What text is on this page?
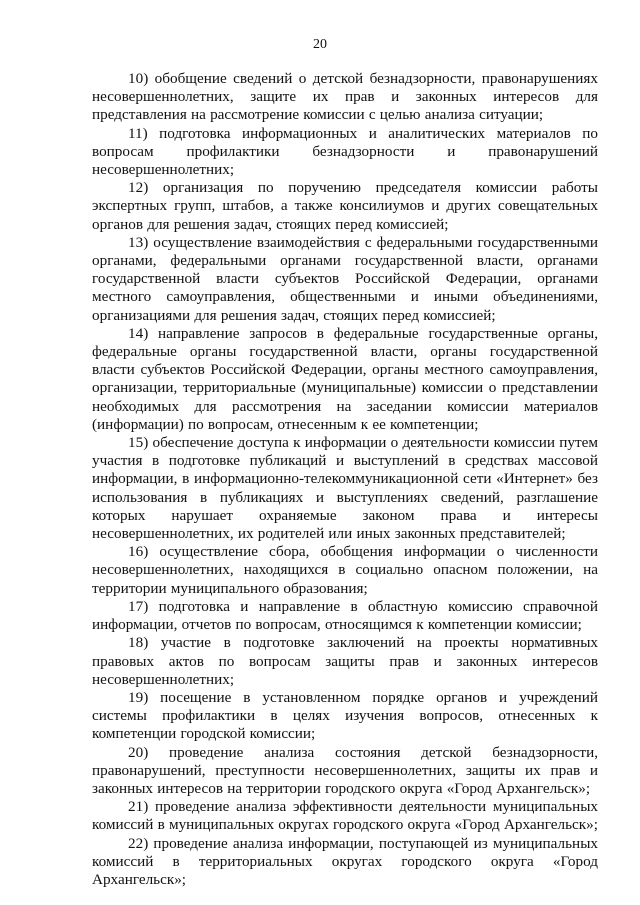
20

10) обобщение сведений о детской безнадзорности, правонарушениях несовершеннолетних, защите их прав и законных интересов для представления на рассмотрение комиссии с целью анализа ситуации;

11) подготовка информационных и аналитических материалов по вопросам профилактики безнадзорности и правонарушений несовершеннолетних;

12) организация по поручению председателя комиссии работы экспертных групп, штабов, а также консилиумов и других совещательных органов для решения задач, стоящих перед комиссией;

13) осуществление взаимодействия с федеральными государственными органами, федеральными органами государственной власти, органами государственной власти субъектов Российской Федерации, органами местного самоуправления, общественными и иными объединениями, организациями для решения задач, стоящих перед комиссией;

14) направление запросов в федеральные государственные органы, федеральные органы государственной власти, органы государственной власти субъектов Российской Федерации, органы местного самоуправления, организации, территориальные (муниципальные) комиссии о представлении необходимых для рассмотрения на заседании комиссии материалов (информации) по вопросам, отнесенным к ее компетенции;

15) обеспечение доступа к информации о деятельности комиссии путем участия в подготовке публикаций и выступлений в средствах массовой информации, в информационно-телекоммуникационной сети «Интернет» без использования в публикациях и выступлениях сведений, разглашение которых нарушает охраняемые законом права и интересы несовершеннолетних, их родителей или иных законных представителей;

16) осуществление сбора, обобщения информации о численности несовершеннолетних, находящихся в социально опасном положении, на территории муниципального образования;

17) подготовка и направление в областную комиссию справочной информации, отчетов по вопросам, относящимся к компетенции комиссии;

18) участие в подготовке заключений на проекты нормативных правовых актов по вопросам защиты прав и законных интересов несовершеннолетних;

19) посещение в установленном порядке органов и учреждений системы профилактики в целях изучения вопросов, отнесенных к компетенции городской комиссии;

20) проведение анализа состояния детской безнадзорности, правонарушений, преступности несовершеннолетних, защиты их прав и законных интересов на территории городского округа «Город Архангельск»;

21) проведение анализа эффективности деятельности муниципальных комиссий в муниципальных округах городского округа «Город Архангельск»;

22) проведение анализа информации, поступающей из муниципальных комиссий в территориальных округах городского округа «Город Архангельск»;
